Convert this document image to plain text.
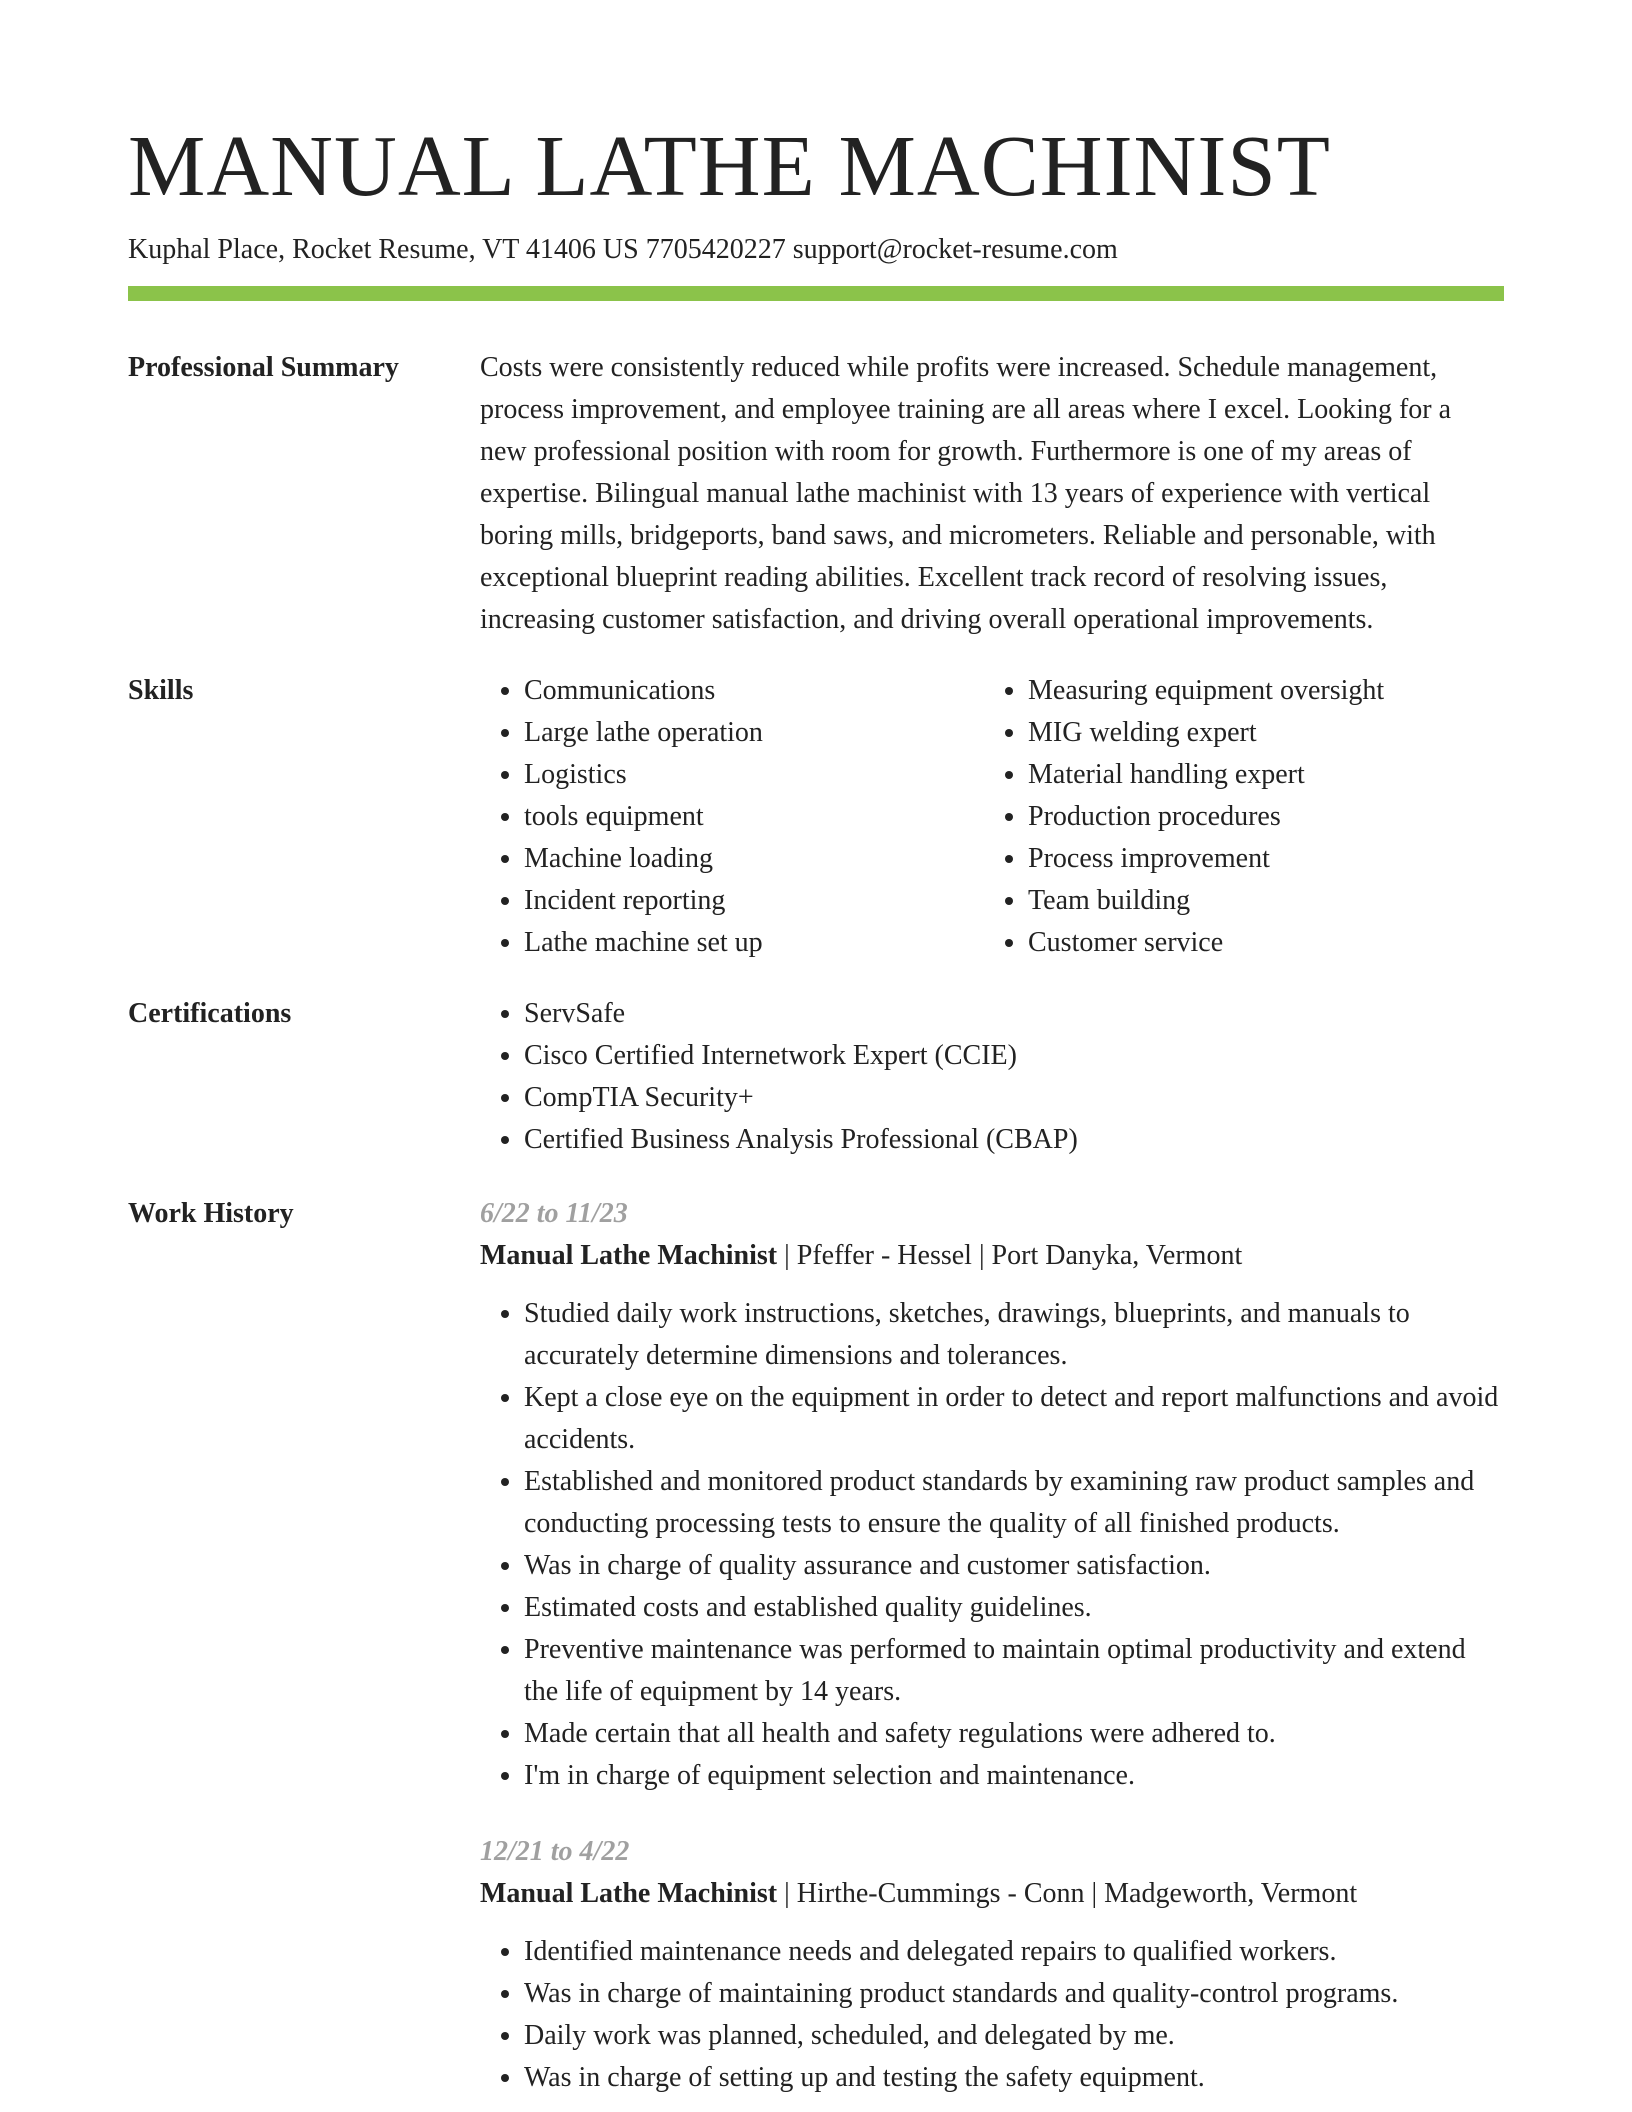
MANUAL LATHE MACHINIST
Kuphal Place, Rocket Resume, VT 41406 US 7705420227 support@rocket-resume.com
Professional Summary	Costs were consistently reduced while profits were increased. Schedule management, process improvement, and employee training are all areas where I excel. Looking for a new professional position with room for growth. Furthermore is one of my areas of expertise. Bilingual manual lathe machinist with 13 years of experience with vertical boring mills, bridgeports, band saws, and micrometers. Reliable and personable, with exceptional blueprint reading abilities. Excellent track record of resolving issues, increasing customer satisfaction, and driving overall operational improvements.

Skills	• Communications
• Large lathe operation
• Logistics
• tools equipment
• Machine loading
• Incident reporting
• Lathe machine set up
• Measuring equipment oversight
• MIG welding expert
• Material handling expert
• Production procedures
• Process improvement
• Team building
• Customer service
Certifications	• ServSafe
• Cisco Certified Internetwork Expert (CCIE)
• CompTIA Security+
• Certified Business Analysis Professional (CBAP)
Work History	6/22 to 11/23
Manual Lathe Machinist | Pfeffer - Hessel | Port Danyka, Vermont
• Studied daily work instructions, sketches, drawings, blueprints, and manuals to accurately determine dimensions and tolerances.
• Kept a close eye on the equipment in order to detect and report malfunctions and avoid accidents.
• Established and monitored product standards by examining raw product samples and conducting processing tests to ensure the quality of all finished products.
• Was in charge of quality assurance and customer satisfaction.
• Estimated costs and established quality guidelines.
• Preventive maintenance was performed to maintain optimal productivity and extend the life of equipment by 14 years.
• Made certain that all health and safety regulations were adhered to.
• I'm in charge of equipment selection and maintenance.
12/21 to 4/22
Manual Lathe Machinist | Hirthe-Cummings - Conn | Madgeworth, Vermont
• Identified maintenance needs and delegated repairs to qualified workers.
• Was in charge of maintaining product standards and quality-control programs.
• Daily work was planned, scheduled, and delegated by me.
• Was in charge of setting up and testing the safety equipment.
